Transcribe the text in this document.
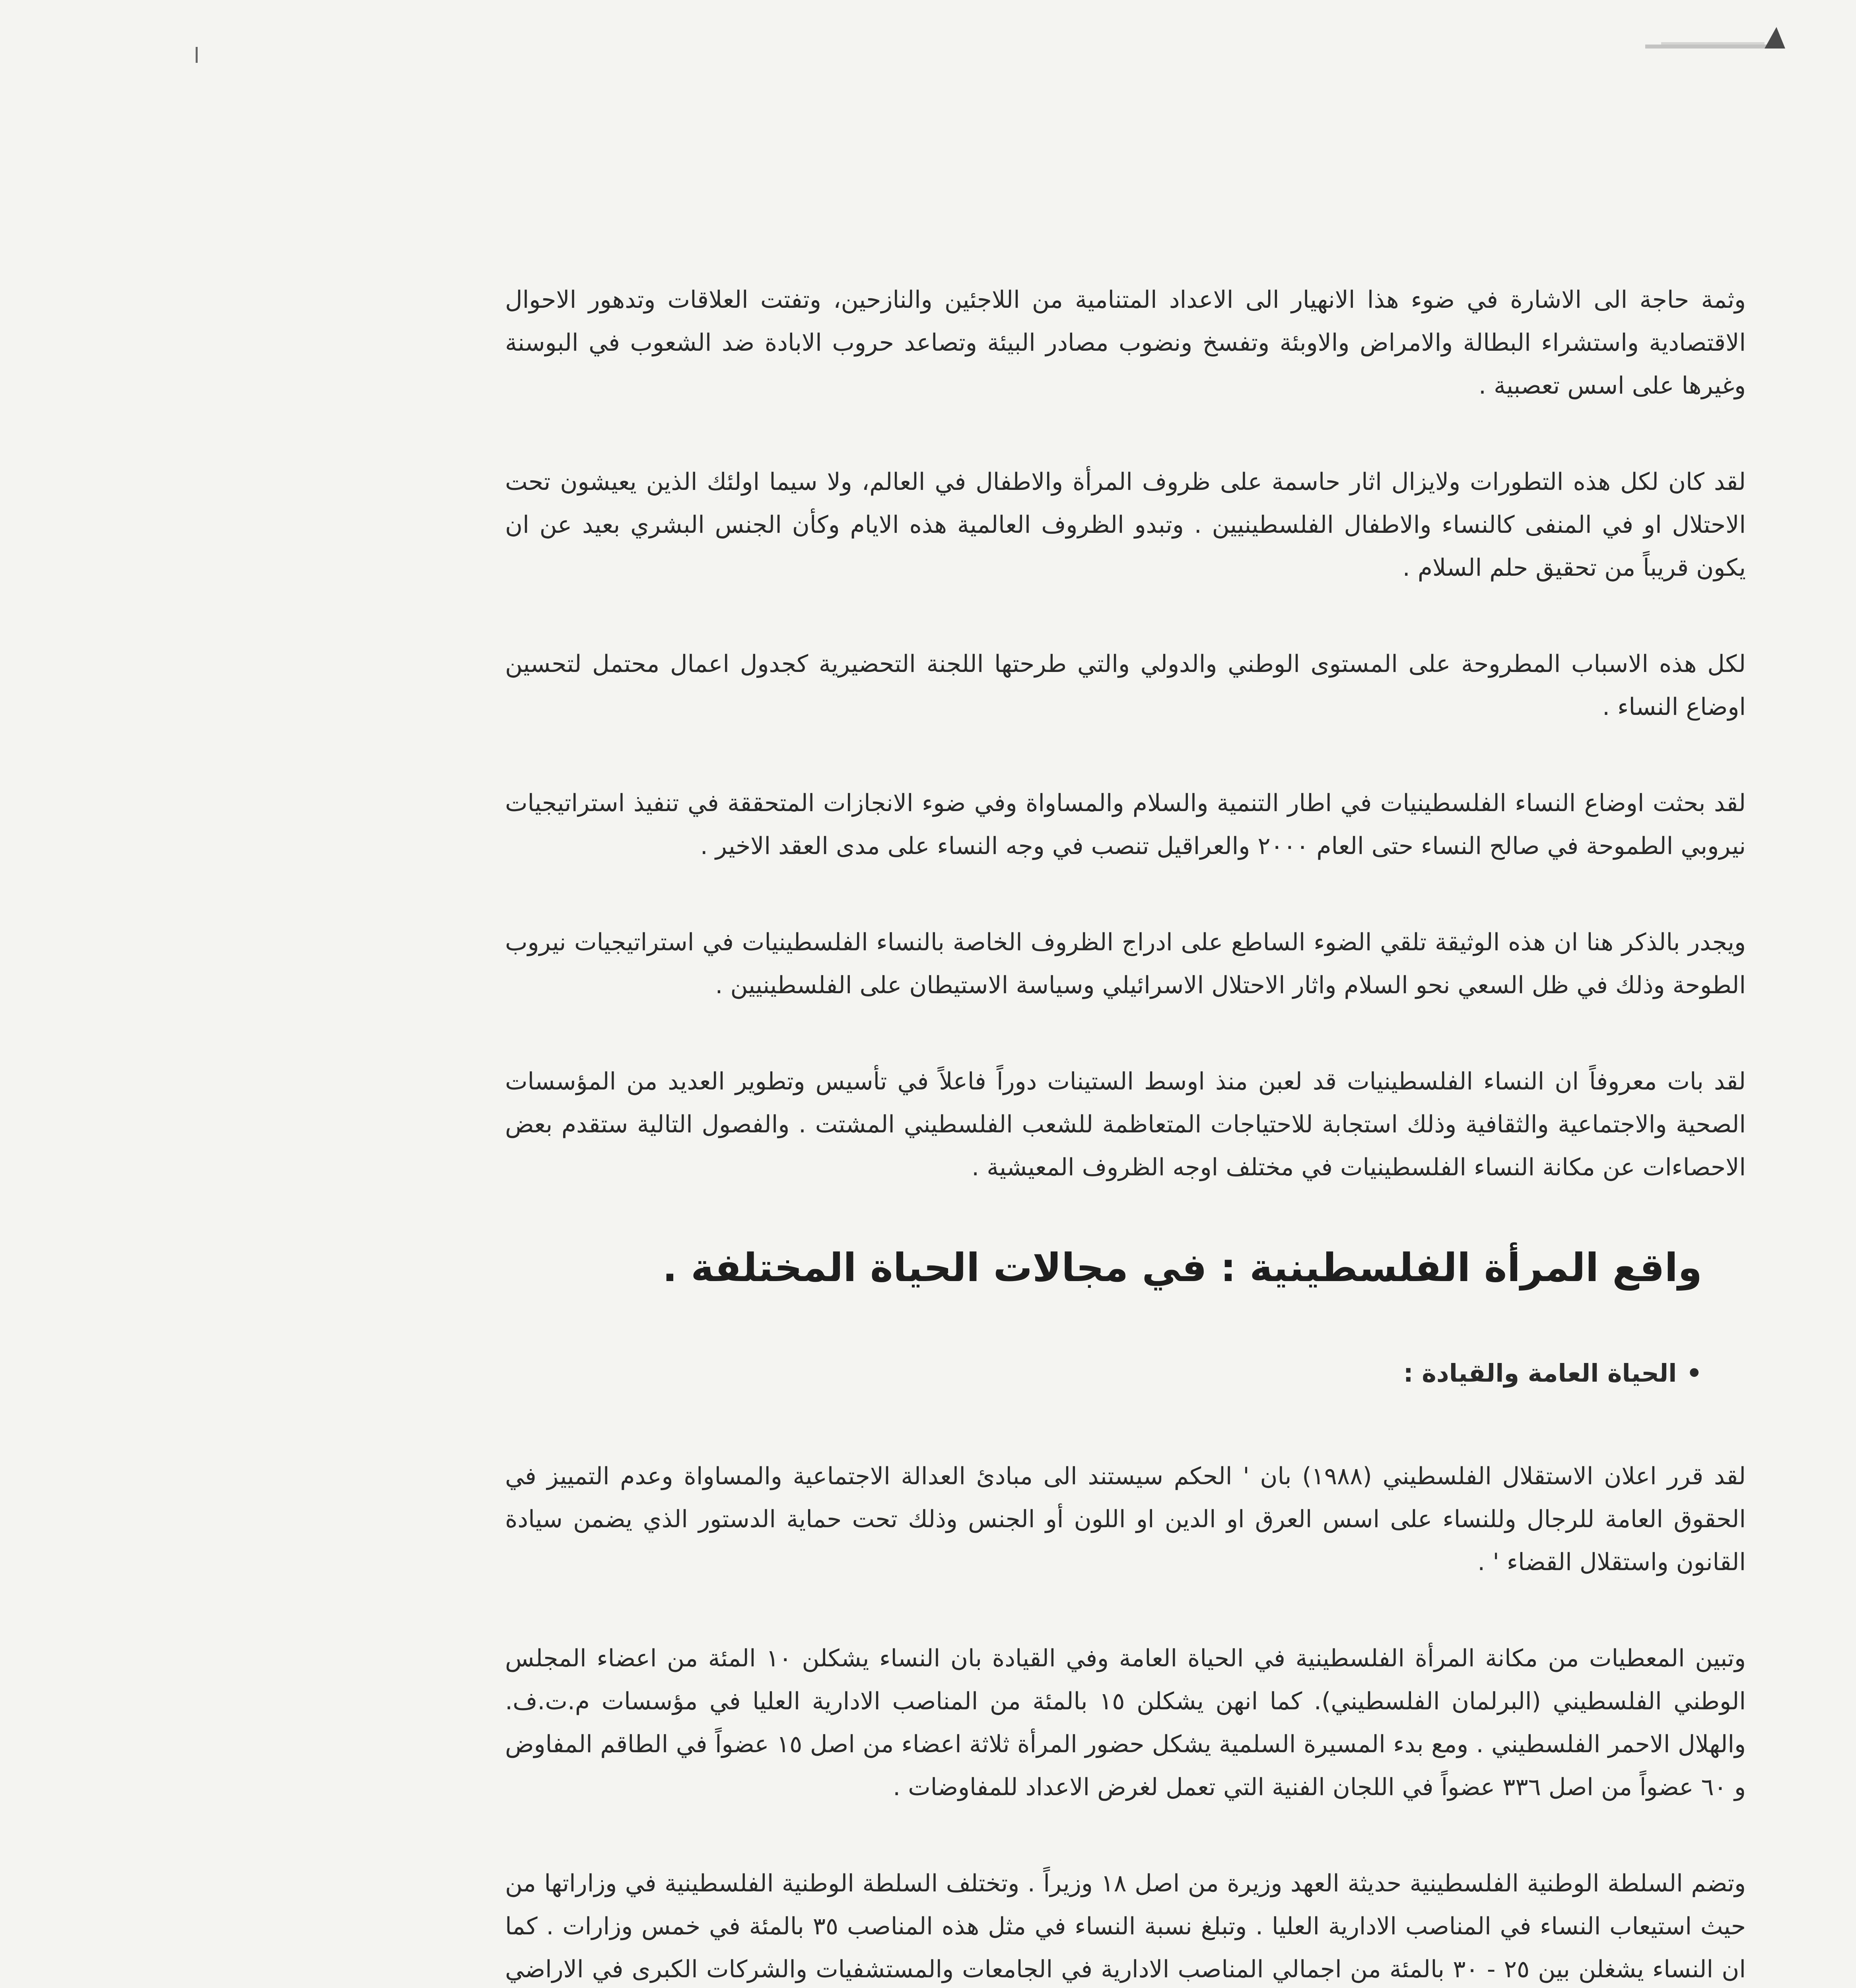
وثمة حاجة الى الاشارة في ضوء هذا الانهيار الى الاعداد المتنامية من اللاجئين والنازحين، وتفتت العلاقات وتدهور الاحوال الاقتصادية واستشراء البطالة والامراض والاوبئة وتفسخ ونضوب مصادر البيئة وتصاعد حروب الابادة ضد الشعوب في البوسنة وغيرها على اسس تعصبية .

لقد كان لكل هذه التطورات ولايزال اثار حاسمة على ظروف المرأة والاطفال في العالم، ولا سيما اولئك الذين يعيشون تحت الاحتلال او في المنفى كالنساء والاطفال الفلسطينيين . وتبدو الظروف العالمية هذه الايام وكأن الجنس البشري بعيد عن ان يكون قريباً من تحقيق حلم السلام .

لكل هذه الاسباب المطروحة على المستوى الوطني والدولي والتي طرحتها اللجنة التحضيرية كجدول اعمال محتمل لتحسين اوضاع النساء .

لقد بحثت اوضاع النساء الفلسطينيات في اطار التنمية والسلام والمساواة وفي ضوء الانجازات المتحققة في تنفيذ استراتيجيات نيروبي الطموحة في صالح النساء حتى العام ٢٠٠٠ والعراقيل تنصب في وجه النساء على مدى العقد الاخير .

ويجدر بالذكر هنا ان هذه الوثيقة تلقي الضوء الساطع على ادراج الظروف الخاصة بالنساء الفلسطينيات في استراتيجيات نيروب الطوحة وذلك في ظل السعي نحو السلام واثار الاحتلال الاسرائيلي وسياسة الاستيطان على الفلسطينيين .

لقد بات معروفاً ان النساء الفلسطينيات قد لعبن منذ اوسط الستينات دوراً فاعلاً في تأسيس وتطوير العديد من المؤسسات الصحية والاجتماعية والثقافية وذلك استجابة للاحتياجات المتعاظمة للشعب الفلسطيني المشتت . والفصول التالية ستقدم بعض الاحصاءات عن مكانة النساء الفلسطينيات في مختلف اوجه الظروف المعيشية .

واقع المرأة الفلسطينية : في مجالات الحياة المختلفة .
•الحياة العامة والقيادة :

لقد قرر اعلان الاستقلال الفلسطيني (١٩٨٨) بان ' الحكم سيستند الى مبادئ العدالة الاجتماعية والمساواة وعدم التمييز في الحقوق العامة للرجال وللنساء على اسس العرق او الدين او اللون أو الجنس وذلك تحت حماية الدستور الذي يضمن سيادة القانون واستقلال القضاء ' .

وتبين المعطيات من مكانة المرأة الفلسطينية في الحياة العامة وفي القيادة بان النساء يشكلن ١٠ المئة من اعضاء المجلس الوطني الفلسطيني (البرلمان الفلسطيني). كما انهن يشكلن ١٥ بالمئة من المناصب الادارية العليا في مؤسسات م.ت.ف. والهلال الاحمر الفلسطيني . ومع بدء المسيرة السلمية يشكل حضور المرأة ثلاثة اعضاء من اصل ١٥ عضواً في الطاقم المفاوض و ٦٠ عضواً من اصل ٣٣٦ عضواً في اللجان الفنية التي تعمل لغرض الاعداد للمفاوضات .

وتضم السلطة الوطنية الفلسطينية حديثة العهد وزيرة من اصل ١٨ وزيراً . وتختلف السلطة الوطنية الفلسطينية في وزاراتها من حيث استيعاب النساء في المناصب الادارية العليا . وتبلغ نسبة النساء في مثل هذه المناصب ٣٥ بالمئة في خمس وزارات . كما ان النساء يشغلن بين ٢٥ - ٣٠ بالمئة من اجمالي المناصب الادارية في الجامعات والمستشفيات والشركات الكبرى في الاراضي
